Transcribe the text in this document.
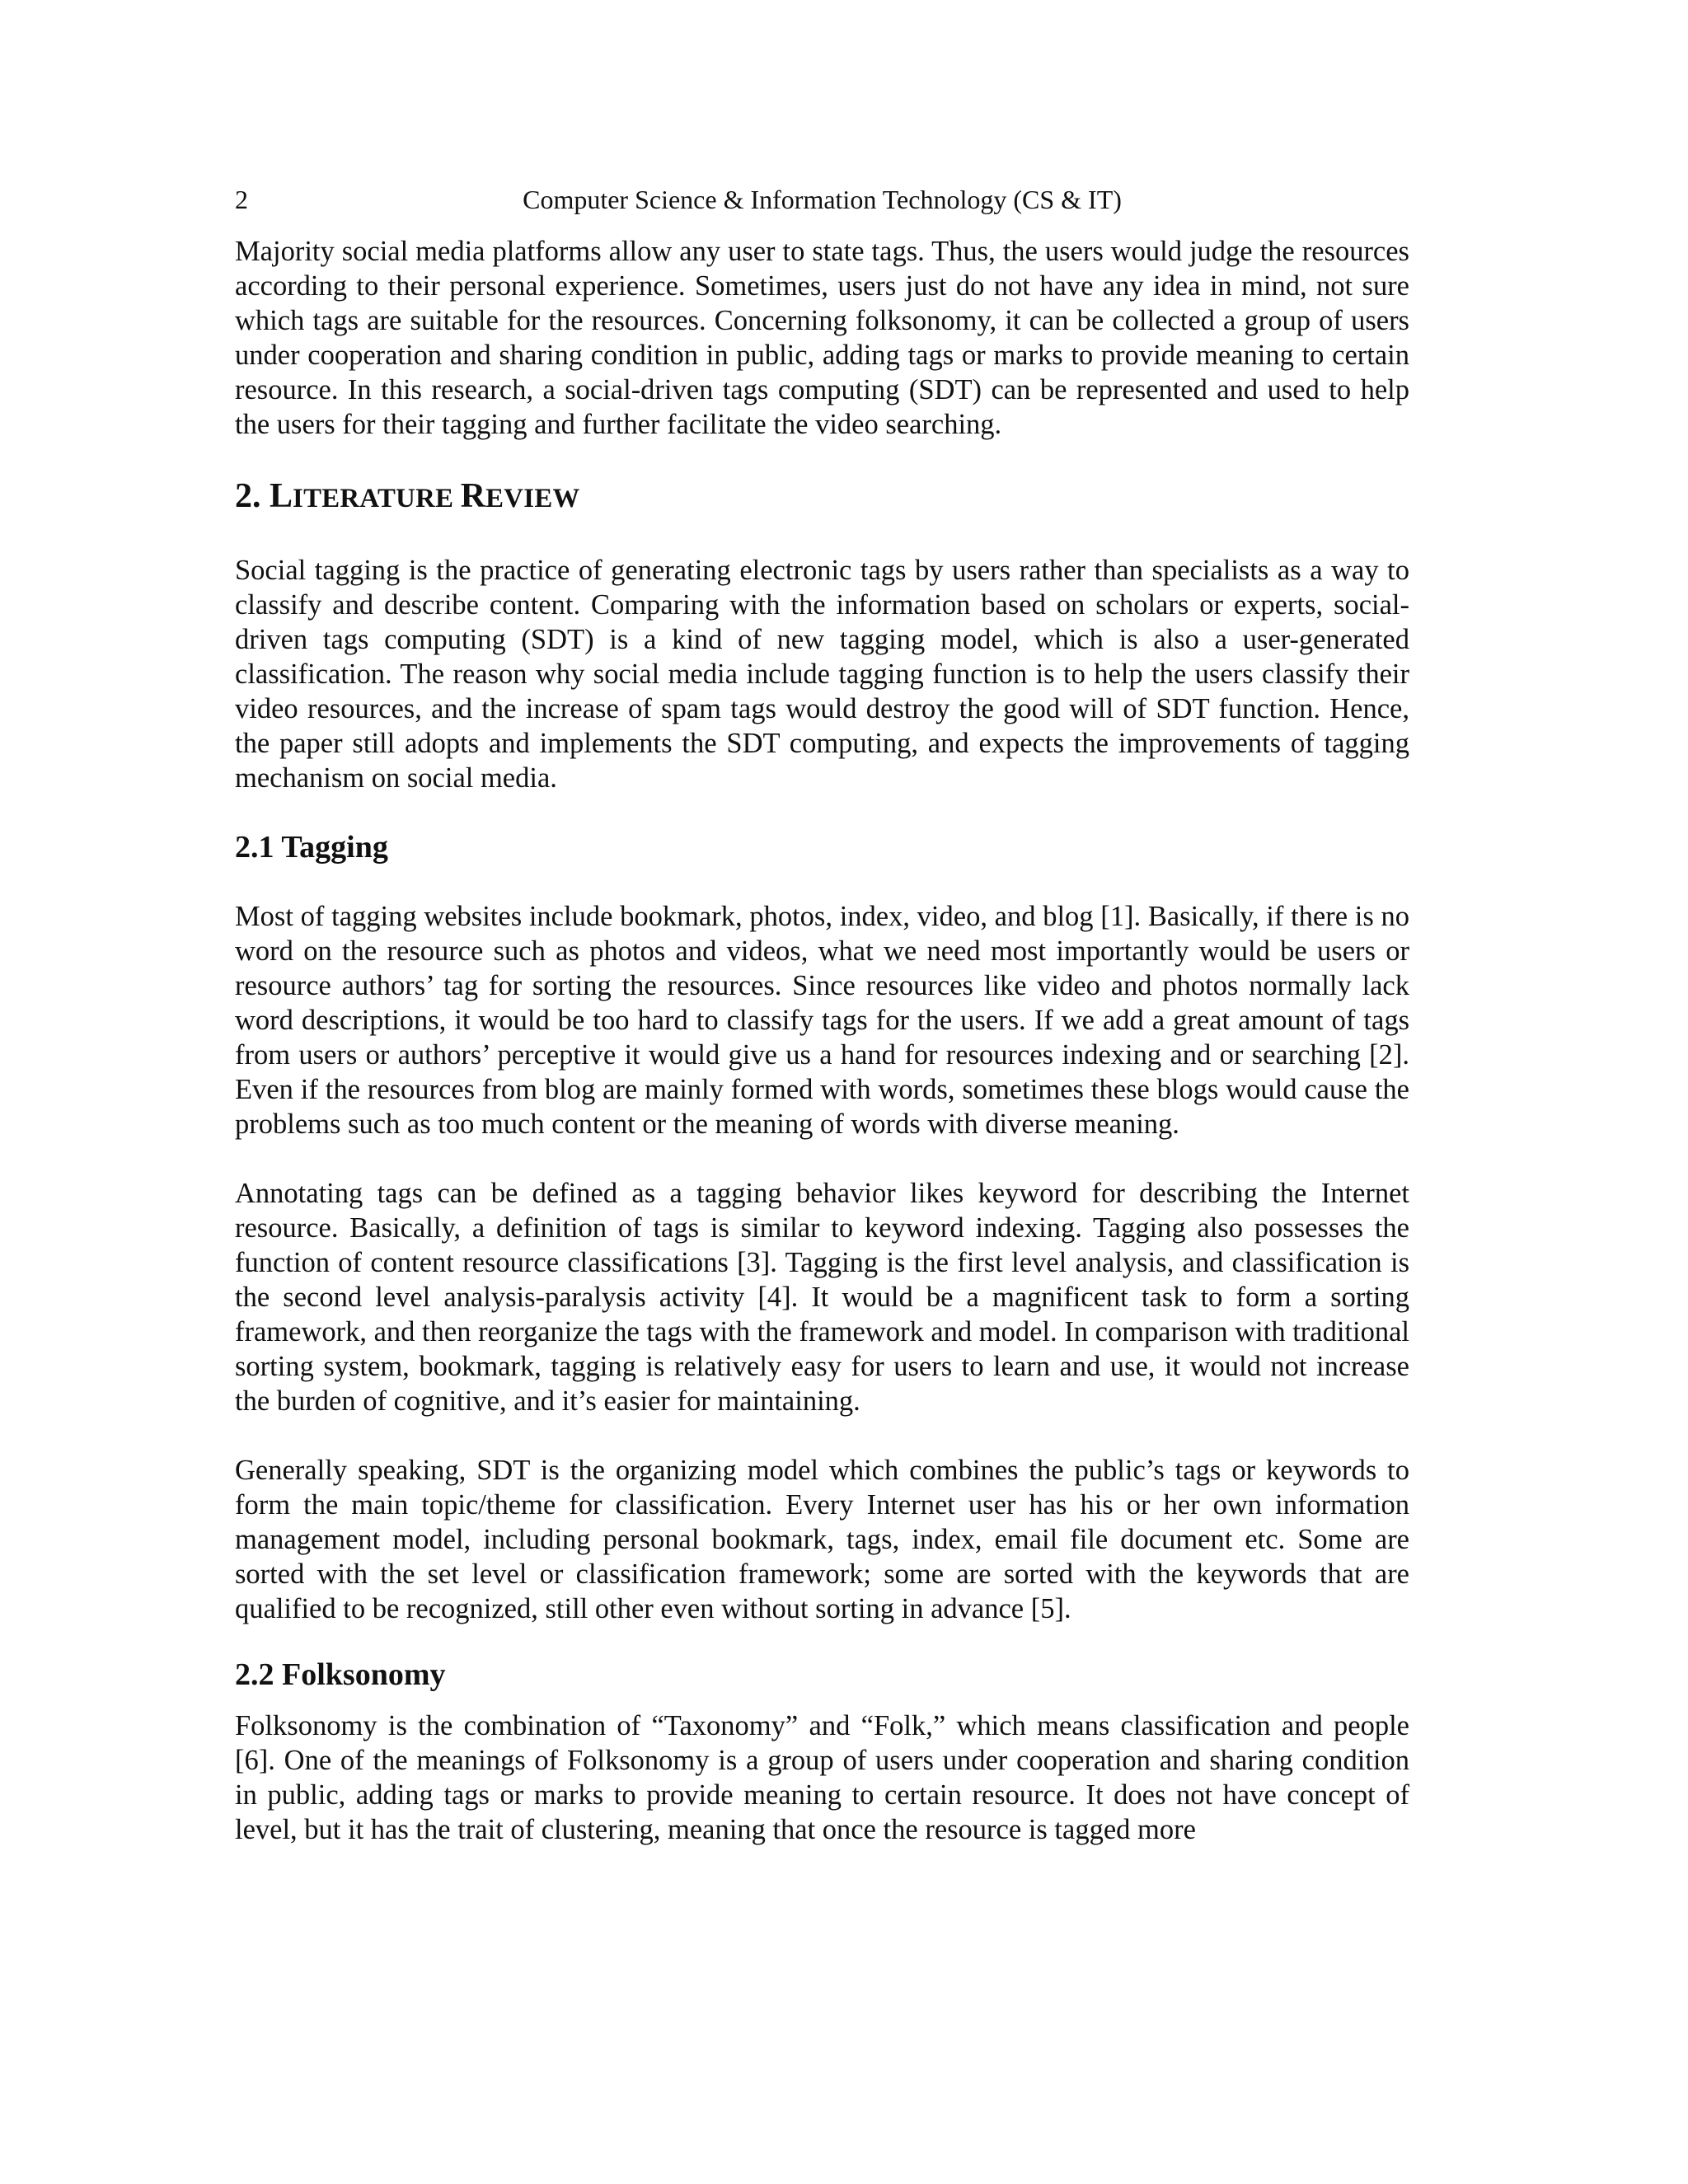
2	Computer Science & Information Technology (CS & IT)

Majority social media platforms allow any user to state tags. Thus, the users would judge the resources according to their personal experience. Sometimes, users just do not have any idea in mind, not sure which tags are suitable for the resources. Concerning folksonomy, it can be collected a group of users under cooperation and sharing condition in public, adding tags or marks to provide meaning to certain resource. In this research, a social-driven tags computing (SDT) can be represented and used to help the users for their tagging and further facilitate the video searching.

2. LITERATURE REVIEW

Social tagging is the practice of generating electronic tags by users rather than specialists as a way to classify and describe content. Comparing with the information based on scholars or experts, social-driven tags computing (SDT) is a kind of new tagging model, which is also a user-generated classification. The reason why social media include tagging function is to help the users classify their video resources, and the increase of spam tags would destroy the good will of SDT function. Hence, the paper still adopts and implements the SDT computing, and expects the improvements of tagging mechanism on social media.

2.1 Tagging

Most of tagging websites include bookmark, photos, index, video, and blog [1]. Basically, if there is no word on the resource such as photos and videos, what we need most importantly would be users or resource authors’ tag for sorting the resources. Since resources like video and photos normally lack word descriptions, it would be too hard to classify tags for the users. If we add a great amount of tags from users or authors’ perceptive it would give us a hand for resources indexing and or searching [2]. Even if the resources from blog are mainly formed with words, sometimes these blogs would cause the problems such as too much content or the meaning of words with diverse meaning.

Annotating tags can be defined as a tagging behavior likes keyword for describing the Internet resource. Basically, a definition of tags is similar to keyword indexing. Tagging also possesses the function of content resource classifications [3]. Tagging is the first level analysis, and classification is the second level analysis-paralysis activity [4]. It would be a magnificent task to form a sorting framework, and then reorganize the tags with the framework and model. In comparison with traditional sorting system, bookmark, tagging is relatively easy for users to learn and use, it would not increase the burden of cognitive, and it’s easier for maintaining.

Generally speaking, SDT is the organizing model which combines the public’s tags or keywords to form the main topic/theme for classification. Every Internet user has his or her own information management model, including personal bookmark, tags, index, email file document etc. Some are sorted with the set level or classification framework; some are sorted with the keywords that are qualified to be recognized, still other even without sorting in advance [5].

2.2 Folksonomy

Folksonomy is the combination of “Taxonomy” and “Folk,” which means classification and people [6]. One of the meanings of Folksonomy is a group of users under cooperation and sharing condition in public, adding tags or marks to provide meaning to certain resource. It does not have concept of level, but it has the trait of clustering, meaning that once the resource is tagged more
